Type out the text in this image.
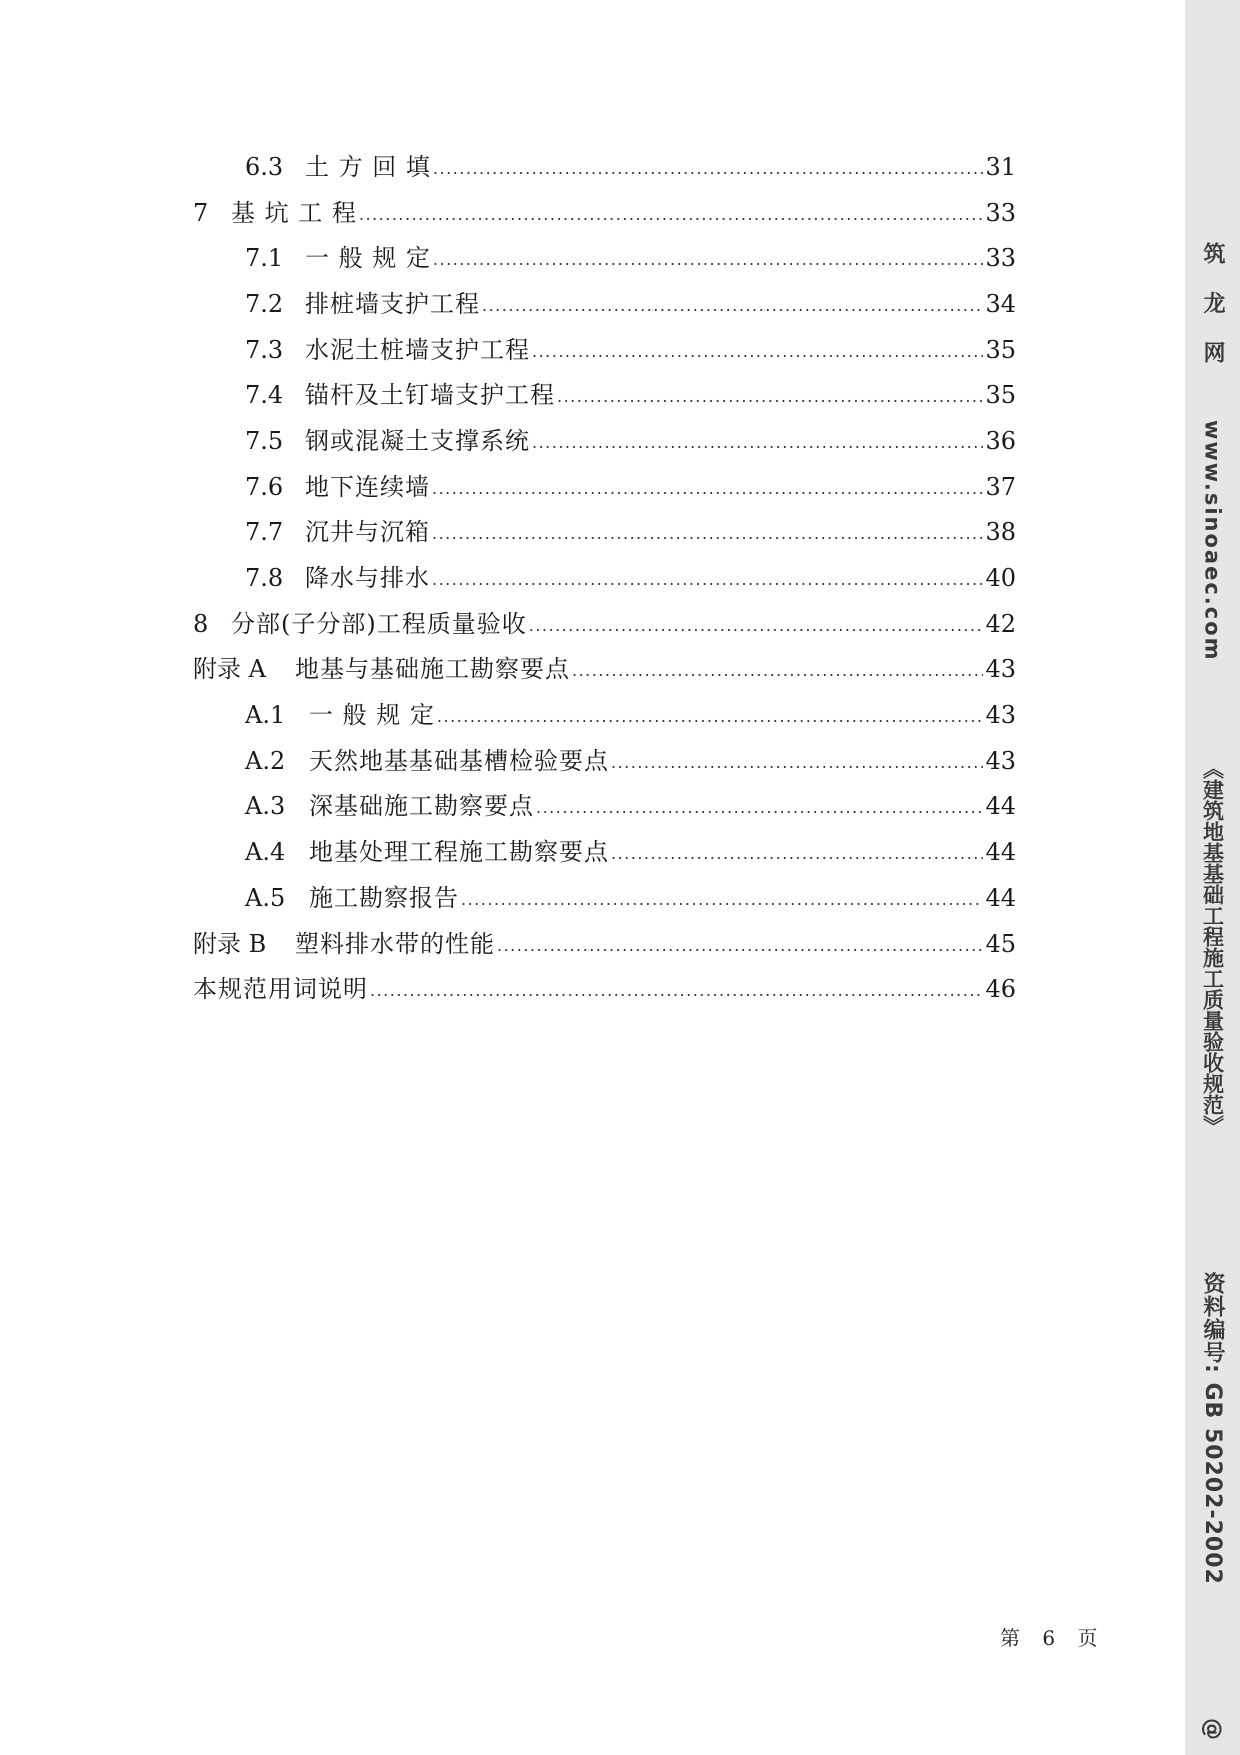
6.3 土 方 回 填 .....	31
7 基 坑 工 程 .....	33
7.1 一 般 规 定 .....	33
7.2 排桩墙支护工程 .....	34
7.3 水泥土桩墙支护工程 .....	35
7.4 锚杆及土钉墙支护工程 .....	35
7.5 钢或混凝土支撑系统 .....	36
7.6 地下连续墙 .....	37
7.7 沉井与沉箱 .....	38
7.8 降水与排水 .....	40
8 分部(子分部)工程质量验收 .....	42
附录 A	地基与基础施工勘察要点 .....	43
A.1 一 般 规 定 .....	43
A.2 天然地基基础基槽检验要点 .....	43
A.3 深基础施工勘察要点 .....	44
A.4 地基处理工程施工勘察要点 .....	44
A.5 施工勘察报告 .....	44
附录 B	塑料排水带的性能 .....	45
本规范用词说明 .....	46
第 6 页
筑 龙 网
www.sinoaec.com
《建筑地基基础工程施工质量验收规范》
资料编号: GB 50202-2002
@
